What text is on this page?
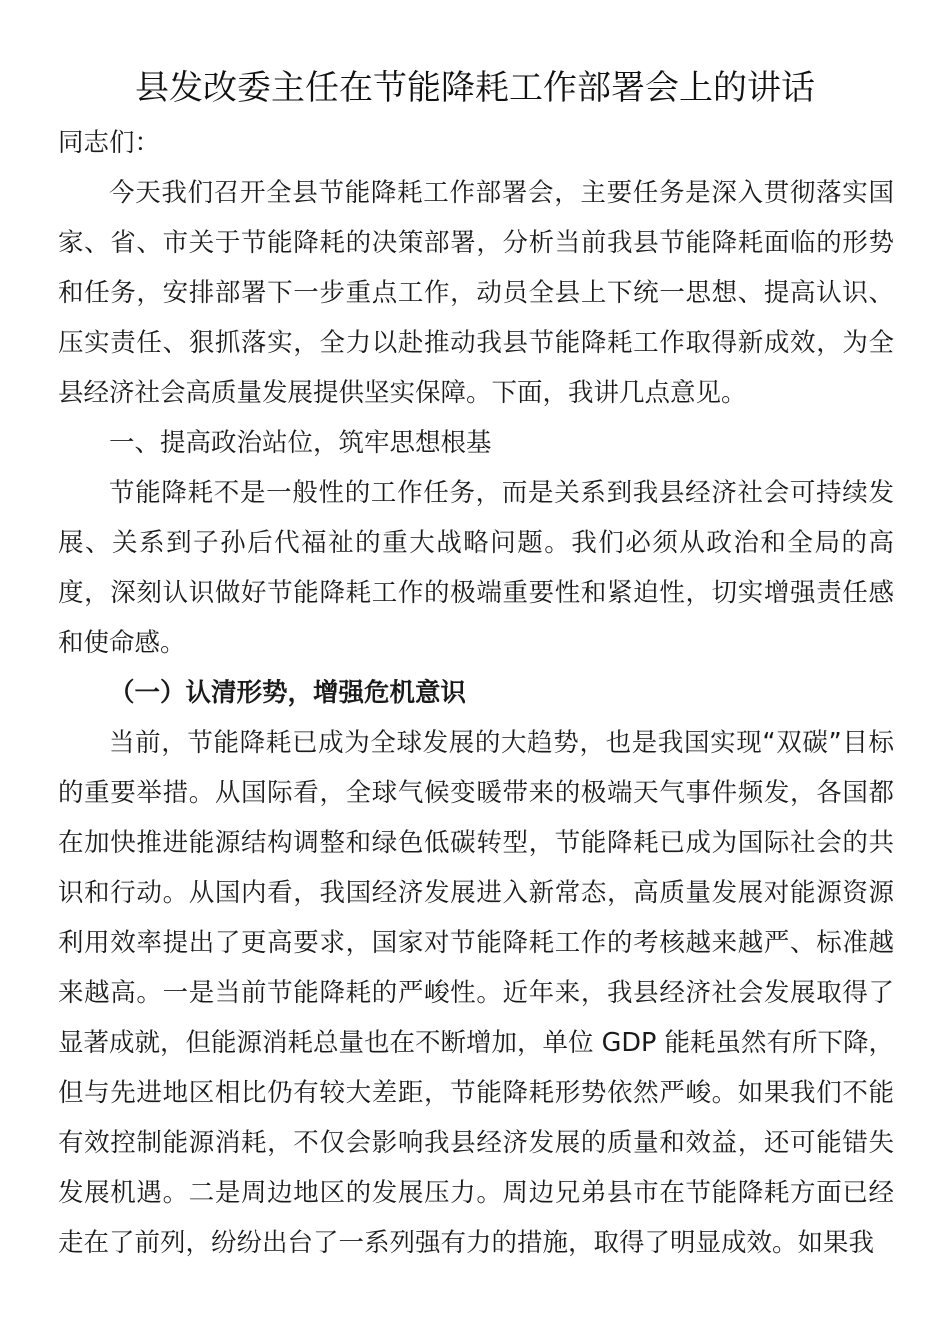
县发改委主任在节能降耗工作部署会上的讲话

同志们：

今天我们召开全县节能降耗工作部署会，主要任务是深入贯彻落实国家、省、市关于节能降耗的决策部署，分析当前我县节能降耗面临的形势和任务，安排部署下一步重点工作，动员全县上下统一思想、提高认识、压实责任、狠抓落实，全力以赴推动我县节能降耗工作取得新成效，为全县经济社会高质量发展提供坚实保障。下面，我讲几点意见。

一、提高政治站位，筑牢思想根基

节能降耗不是一般性的工作任务，而是关系到我县经济社会可持续发展、关系到子孙后代福祉的重大战略问题。我们必须从政治和全局的高度，深刻认识做好节能降耗工作的极端重要性和紧迫性，切实增强责任感和使命感。

（一）认清形势，增强危机意识

当前，节能降耗已成为全球发展的大趋势，也是我国实现“双碳”目标的重要举措。从国际看，全球气候变暖带来的极端天气事件频发，各国都在加快推进能源结构调整和绿色低碳转型，节能降耗已成为国际社会的共识和行动。从国内看，我国经济发展进入新常态，高质量发展对能源资源利用效率提出了更高要求，国家对节能降耗工作的考核越来越严、标准越来越高。一是当前节能降耗的严峻性。近年来，我县经济社会发展取得了显著成就，但能源消耗总量也在不断增加，单位 GDP 能耗虽然有所下降，但与先进地区相比仍有较大差距，节能降耗形势依然严峻。如果我们不能有效控制能源消耗，不仅会影响我县经济发展的质量和效益，还可能错失发展机遇。二是周边地区的发展压力。周边兄弟县市在节能降耗方面已经走在了前列，纷纷出台了一系列强有力的措施，取得了明显成效。如果我
